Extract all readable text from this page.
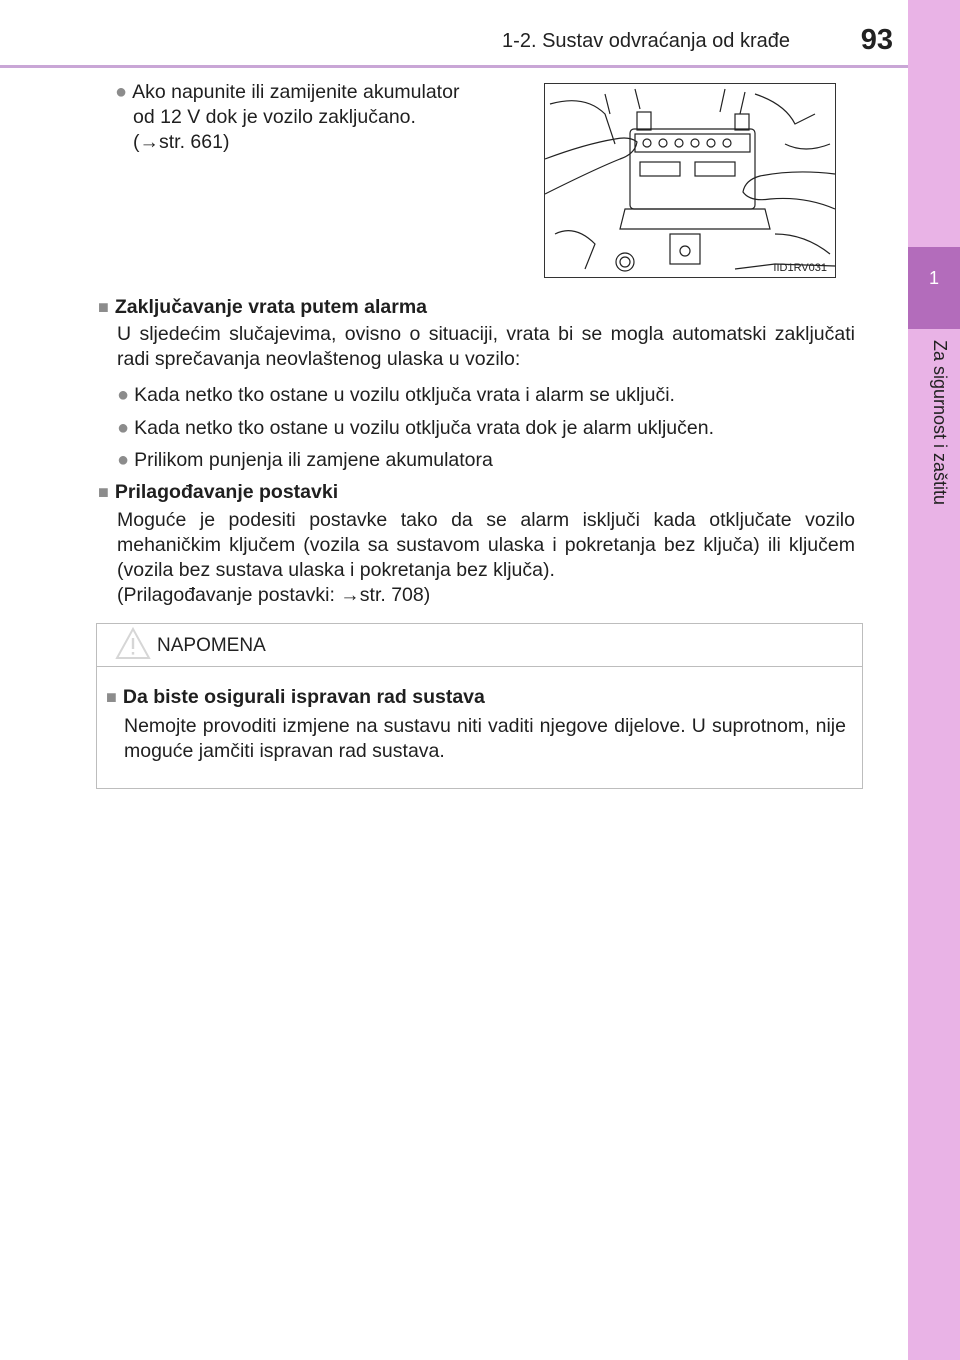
1-2. Sustav odvraćanja od krađe 93
1
Za sigurnost i zaštitu
● Ako napunite ili zamijenite akumulator
od 12 V dok je vozilo zaključano.
(→str. 661)
IID1RV031
■ Zaključavanje vrata putem alarma
U sljedećim slučajevima, ovisno o situaciji, vrata bi se mogla automatski zaključati radi sprečavanja neovlaštenog ulaska u vozilo:
● Kada netko tko ostane u vozilu otključa vrata i alarm se uključi.
● Kada netko tko ostane u vozilu otključa vrata dok je alarm uključen.
● Prilikom punjenja ili zamjene akumulatora
■ Prilagođavanje postavki
Moguće je podesiti postavke tako da se alarm isključi kada otključate vozilo mehaničkim ključem (vozila sa sustavom ulaska i pokretanja bez ključa) ili ključem (vozila bez sustava ulaska i pokretanja bez ključa).
(Prilagođavanje postavki: →str. 708)
NAPOMENA
■ Da biste osigurali ispravan rad sustava
Nemojte provoditi izmjene na sustavu niti vaditi njegove dijelove. U suprotnom, nije moguće jamčiti ispravan rad sustava.
